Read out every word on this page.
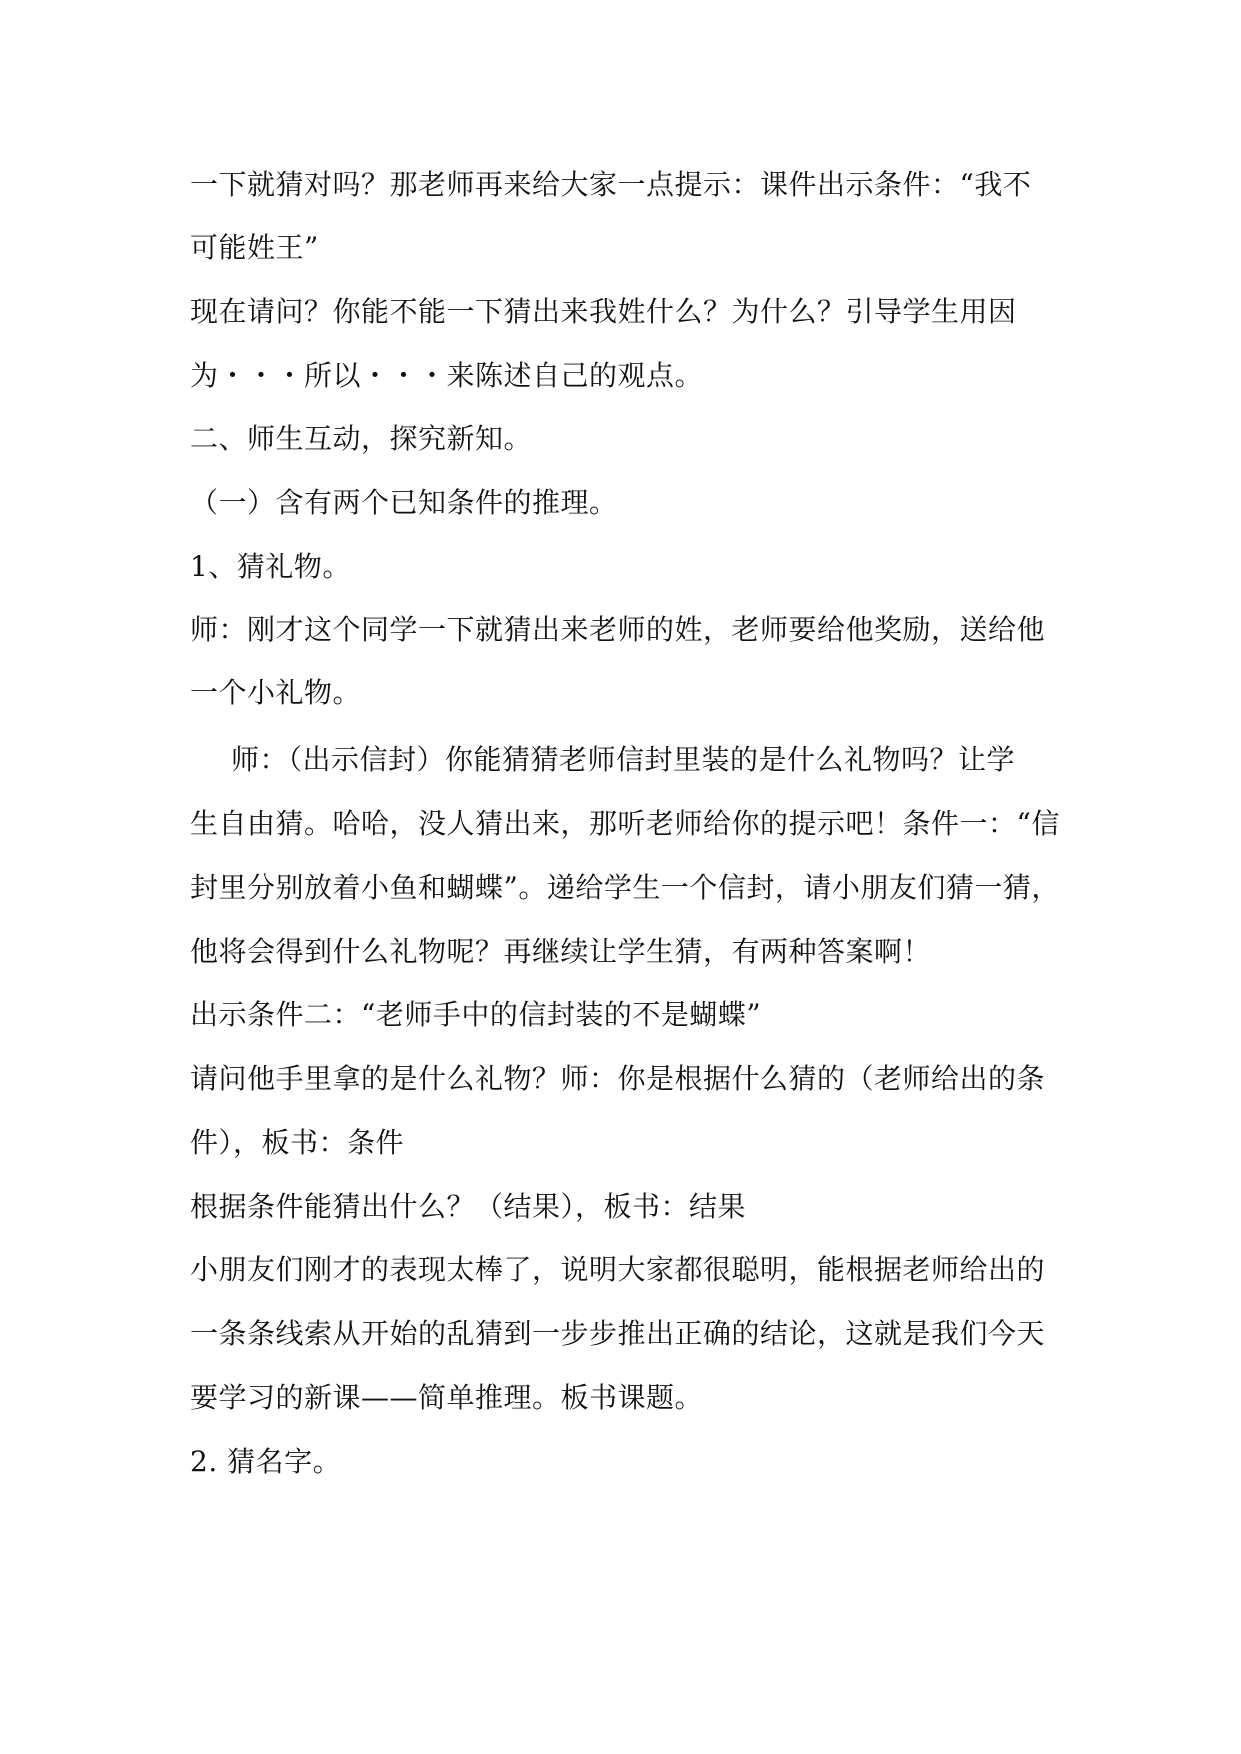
一下就猜对吗？那老师再来给大家一点提示：课件出示条件：“我不
可能姓王”
现在请问？你能不能一下猜出来我姓什么？为什么？引导学生用因
为・・・所以・・・来陈述自己的观点。
二、师生互动，探究新知。
（一）含有两个已知条件的推理。
1、猜礼物。
师：刚才这个同学一下就猜出来老师的姓，老师要给他奖励，送给他
一个小礼物。
师：（出示信封）你能猜猜老师信封里装的是什么礼物吗？让学
生自由猜。哈哈，没人猜出来，那听老师给你的提示吧！条件一：“信
封里分别放着小鱼和蝴蝶”。递给学生一个信封，请小朋友们猜一猜，
他将会得到什么礼物呢？再继续让学生猜，有两种答案啊！
出示条件二：“老师手中的信封装的不是蝴蝶”
请问他手里拿的是什么礼物？师：你是根据什么猜的（老师给出的条
件），板书：条件
根据条件能猜出什么？（结果），板书：结果
小朋友们刚才的表现太棒了，说明大家都很聪明，能根据老师给出的
一条条线索从开始的乱猜到一步步推出正确的结论，这就是我们今天
要学习的新课——简单推理。板书课题。
2. 猜名字。
